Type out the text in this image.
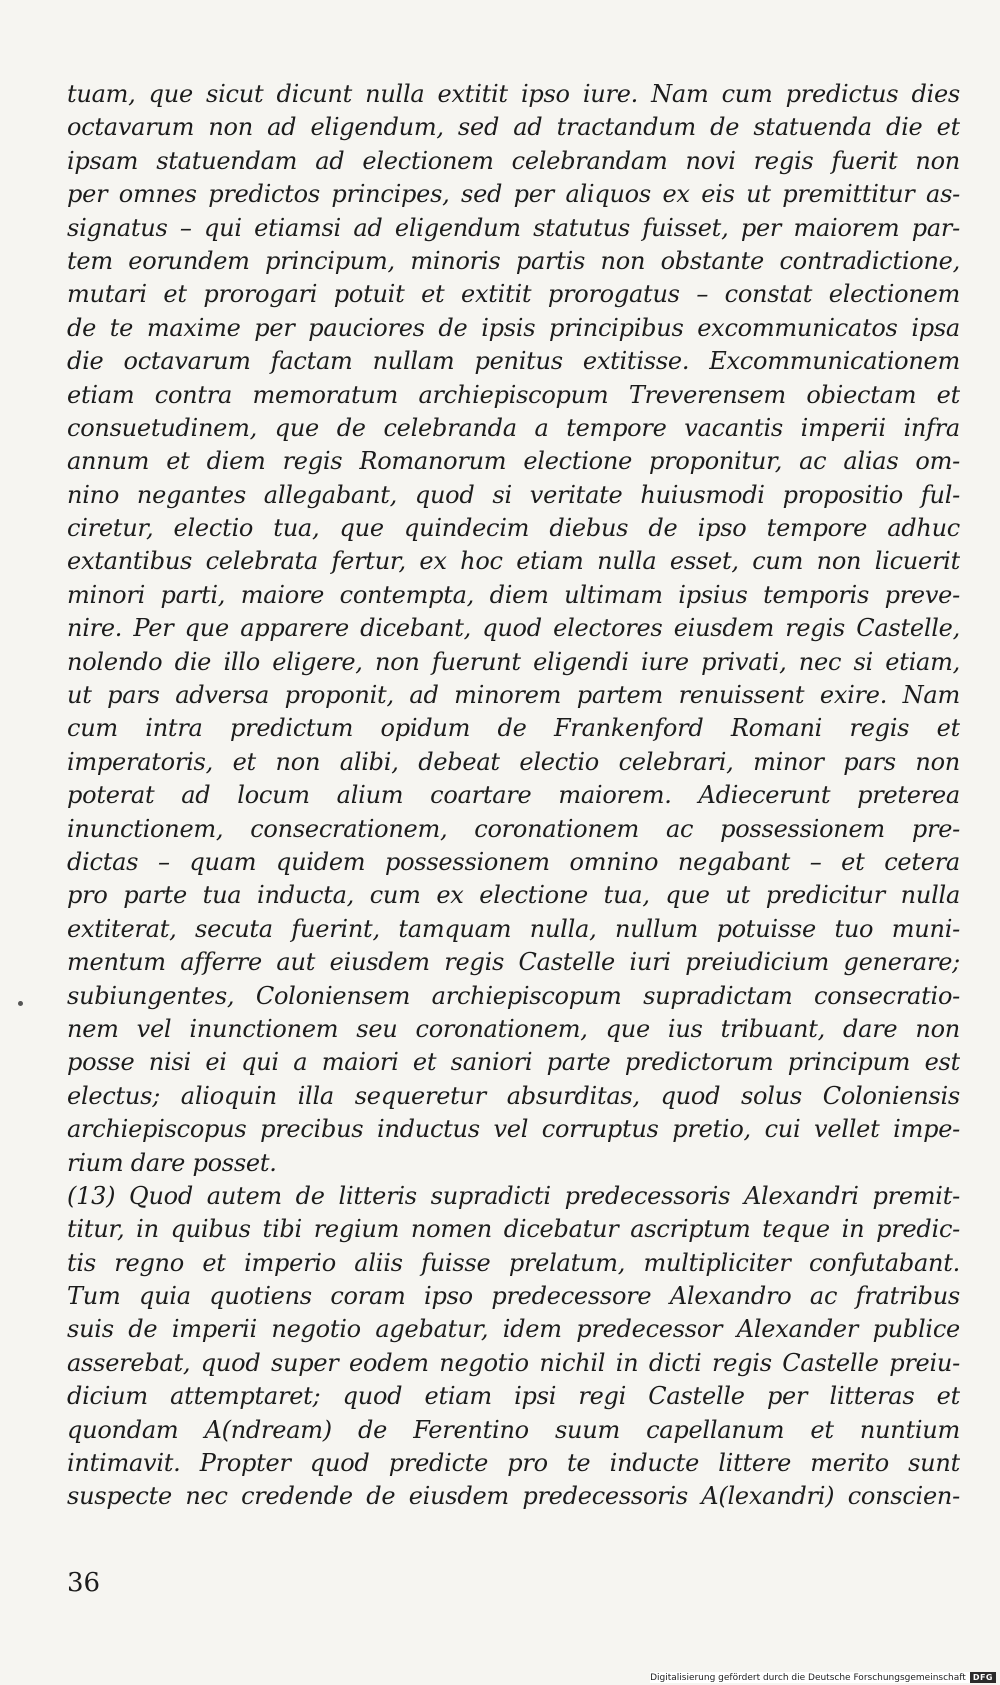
tuam, que sicut dicunt nulla extitit ipso iure. Nam cum predictus dies
octavarum non ad eligendum, sed ad tractandum de statuenda die et
ipsam statuendam ad electionem celebrandam novi regis fuerit non
per omnes predictos principes, sed per aliquos ex eis ut premittitur as-
signatus – qui etiamsi ad eligendum statutus fuisset, per maiorem par-
tem eorundem principum, minoris partis non obstante contradictione,
mutari et prorogari potuit et extitit prorogatus – constat electionem
de te maxime per pauciores de ipsis principibus excommunicatos ipsa
die octavarum factam nullam penitus extitisse. Excommunicationem
etiam contra memoratum archiepiscopum Treverensem obiectam et
consuetudinem, que de celebranda a tempore vacantis imperii infra
annum et diem regis Romanorum electione proponitur, ac alias om-
nino negantes allegabant, quod si veritate huiusmodi propositio ful-
ciretur, electio tua, que quindecim diebus de ipso tempore adhuc
extantibus celebrata fertur, ex hoc etiam nulla esset, cum non licuerit
minori parti, maiore contempta, diem ultimam ipsius temporis preve-
nire. Per que apparere dicebant, quod electores eiusdem regis Castelle,
nolendo die illo eligere, non fuerunt eligendi iure privati, nec si etiam,
ut pars adversa proponit, ad minorem partem renuissent exire. Nam
cum intra predictum opidum de Frankenford Romani regis et
imperatoris, et non alibi, debeat electio celebrari, minor pars non
poterat ad locum alium coartare maiorem. Adiecerunt preterea
inunctionem, consecrationem, coronationem ac possessionem pre-
dictas – quam quidem possessionem omnino negabant – et cetera
pro parte tua inducta, cum ex electione tua, que ut predicitur nulla
extiterat, secuta fuerint, tamquam nulla, nullum potuisse tuo muni-
mentum afferre aut eiusdem regis Castelle iuri preiudicium generare;
subiungentes, Coloniensem archiepiscopum supradictam consecratio-
nem vel inunctionem seu coronationem, que ius tribuant, dare non
posse nisi ei qui a maiori et saniori parte predictorum principum est
electus; alioquin illa sequeretur absurditas, quod solus Coloniensis
archiepiscopus precibus inductus vel corruptus pretio, cui vellet impe-
rium dare posset.
(13) Quod autem de litteris supradicti predecessoris Alexandri premit-
titur, in quibus tibi regium nomen dicebatur ascriptum teque in predic-
tis regno et imperio aliis fuisse prelatum, multipliciter confutabant.
Tum quia quotiens coram ipso predecessore Alexandro ac fratribus
suis de imperii negotio agebatur, idem predecessor Alexander publice
asserebat, quod super eodem negotio nichil in dicti regis Castelle preiu-
dicium attemptaret; quod etiam ipsi regi Castelle per litteras et
quondam A(ndream) de Ferentino suum capellanum et nuntium
intimavit. Propter quod predicte pro te inducte littere merito sunt
suspecte nec credende de eiusdem predecessoris A(lexandri) conscien-
36
Digitalisierung gefördert durch die Deutsche Forschungsgemeinschaft DFG
